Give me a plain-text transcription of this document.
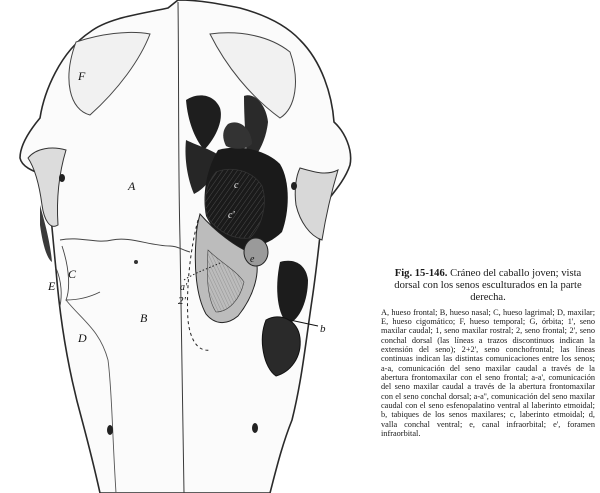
F
A
C
E
D
B
c
c'
e
a'
2'
b

Fig. 15-146. Cráneo del caballo joven; vista dorsal con los senos esculturados en la parte derecha.

A, hueso frontal; B, hueso nasal; C, hueso lagrimal; D, maxilar; E, hueso cigomático; F, hueso temporal; G, órbita; 1', seno maxilar caudal; 1, seno maxilar rostral; 2, seno frontal; 2', seno conchal dorsal (las líneas a trazos discontinuos indican la extensión del seno); 2+2', seno conchofrontal; las líneas continuas indican las distintas comunicaciones entre los senos; a-a, comunicación del seno maxilar caudal a través de la abertura frontomaxilar con el seno frontal; a-a', comunicación del seno maxilar caudal a través de la abertura frontomaxilar con el seno conchal dorsal; a-a'', comunicación del seno maxilar caudal con el seno esfenopalatino ventral al laberinto etmoidal; b, tabiques de los senos maxilares; c, laberinto etmoidal; d, valla conchal ventral; e, canal infraorbital; e', foramen infraorbital.
